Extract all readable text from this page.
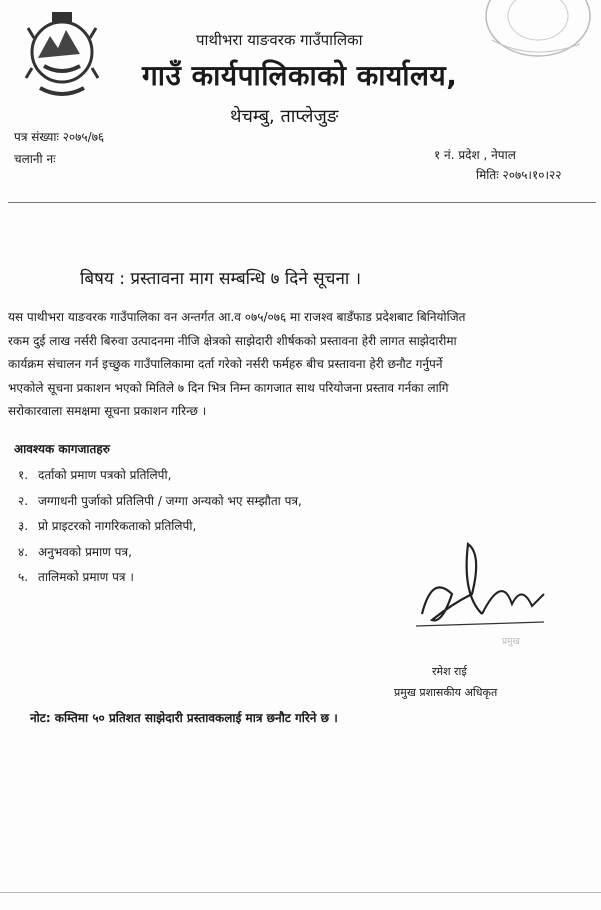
पाथीभरा याङवरक गाउँपालिका
गाउँ कार्यपालिकाको कार्यालय,
थेचम्बु, ताप्लेजुङ
पत्र संख्याः २०७५/७६
चलानी नः	१ नं. प्रदेश , नेपाल
मितिः २०७५।१०।२२
बिषय : प्रस्तावना माग सम्बन्धि ७ दिने सूचना ।
यस पाथीभरा याङवरक गाउँपालिका वन अन्तर्गत आ.व ०७५/०७६ मा राजश्व बाडँफाड प्रदेशबाट बिनियोजित
रकम दुई लाख नर्सरी बिरुवा उत्पादनमा नीजि क्षेत्रको साझेदारी शीर्षकको प्रस्तावना हेरी लागत साझेदारीमा
कार्यक्रम संचालन गर्न इच्छुक गाउँपालिकामा दर्ता गरेको नर्सरी फर्महरु बीच प्रस्तावना हेरी छनौट गर्नुपर्ने
भएकोले सूचना प्रकाशन भएको मितिले ७ दिन भित्र निम्न कागजात साथ परियोजना प्रस्ताव गर्नका लागि
सरोकारवाला समक्षमा सूचना प्रकाशन गरिन्छ ।
आवश्यक कागजातहरु
१. दर्ताको प्रमाण पत्रको प्रतिलिपी,
२. जग्गाधनी पुर्जाको प्रतिलिपी / जग्गा अन्यको भए सम्झौता पत्र,
३. प्रो प्राइटरको नागरिकताको प्रतिलिपी,
४. अनुभवको प्रमाण पत्र,
५. तालिमको प्रमाण पत्र ।
प्रमुख
रमेश राई
प्रमुख प्रशासकीय अधिकृत
नोट: कम्तिमा ५० प्रतिशत साझेदारी प्रस्तावकलाई मात्र छनौट गरिने छ ।
